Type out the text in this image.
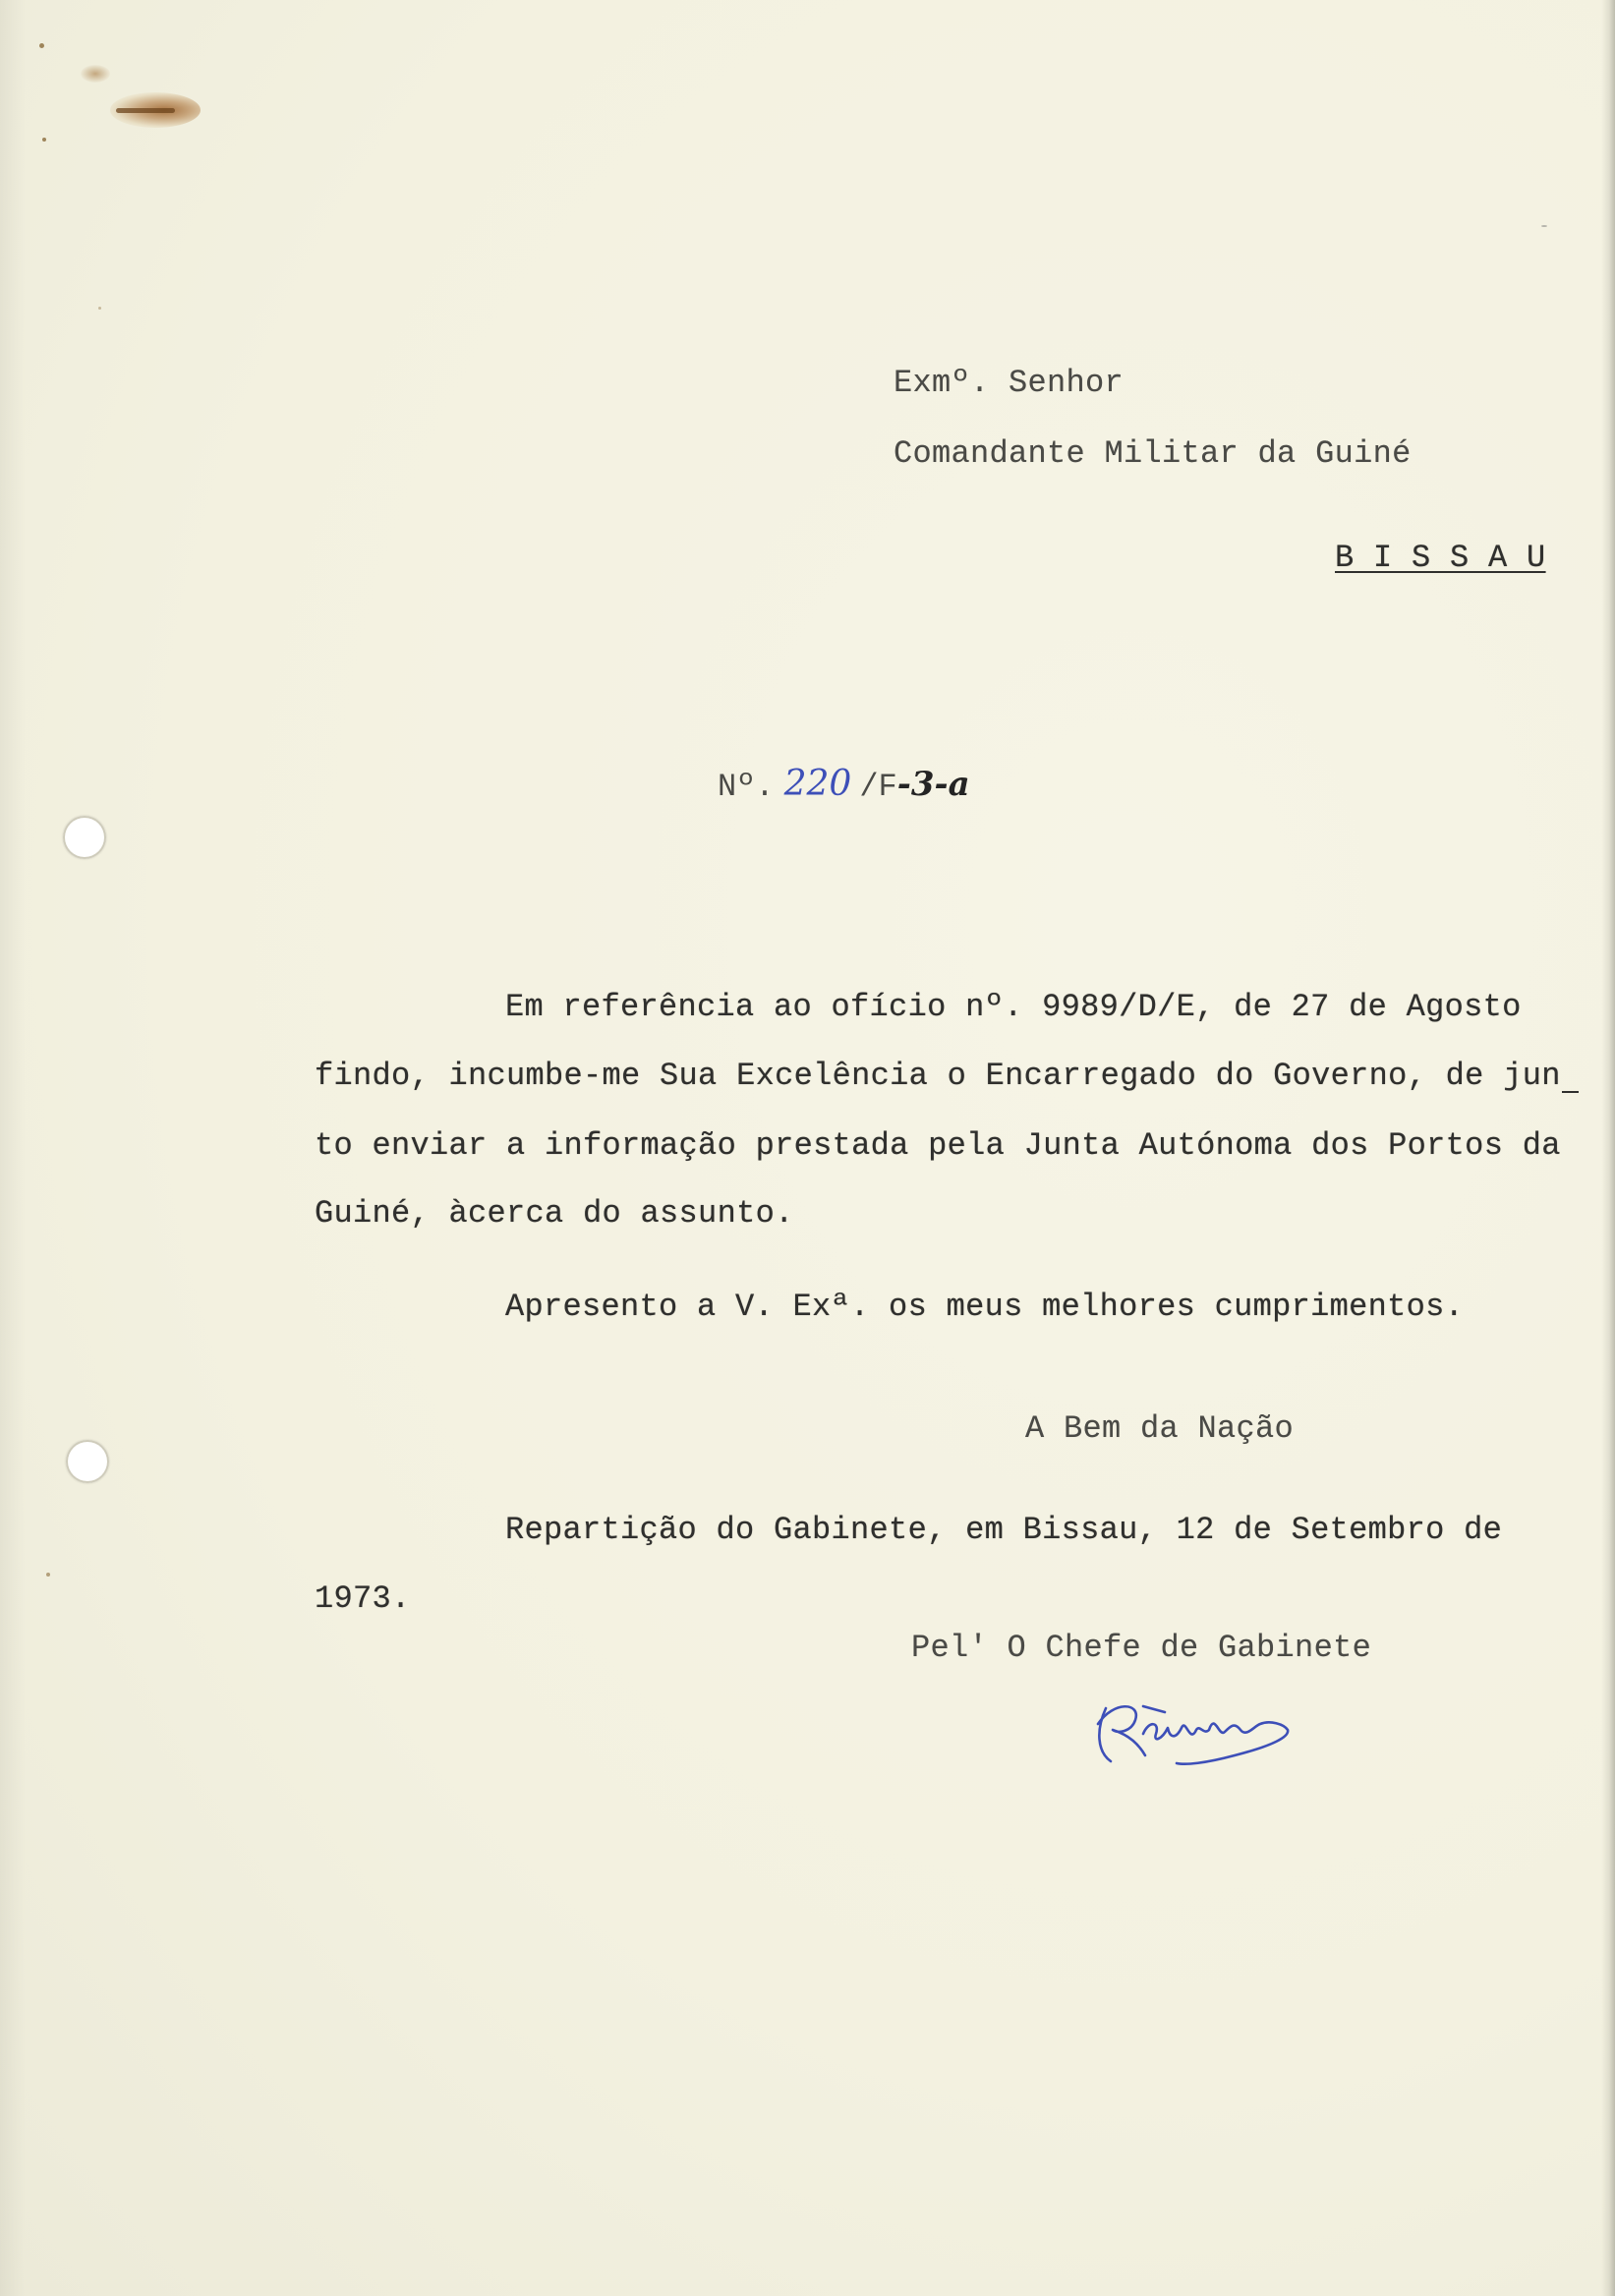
Exmº. Senhor
Comandante Militar da Guiné
B I S S A U
Nº. 220 /F -3-a
Em referência ao ofício nº. 9989/D/E, de 27 de Agosto
findo, incumbe-me Sua Excelência o Encarregado do Governo, de jun
to enviar a informação prestada pela Junta Autónoma dos Portos da
Guiné, àcerca do assunto.
Apresento a V. Exª. os meus melhores cumprimentos.
A Bem da Nação
Repartição do Gabinete, em Bissau, 12 de Setembro de
1973.
Pel' O Chefe de Gabinete
